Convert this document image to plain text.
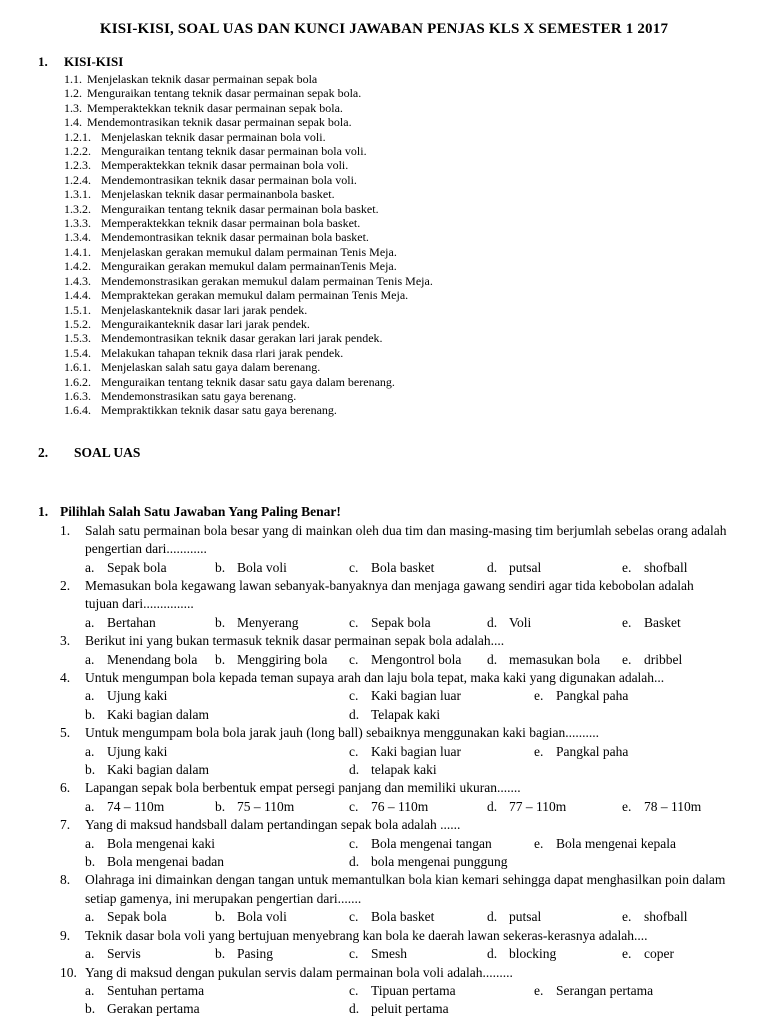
KISI-KISI, SOAL UAS DAN KUNCI JAWABAN PENJAS KLS X SEMESTER 1 2017
1.	KISI-KISI
1.1. Menjelaskan teknik dasar permainan sepak bola
1.2. Menguraikan tentang teknik dasar permainan sepak bola.
1.3. Memperaktekkan teknik dasar permainan sepak bola.
1.4. Mendemontrasikan teknik dasar permainan sepak bola.
1.2.1. Menjelaskan teknik dasar permainan bola voli.
1.2.2. Menguraikan tentang teknik dasar permainan bola voli.
1.2.3. Memperaktekkan teknik dasar permainan bola voli.
1.2.4. Mendemontrasikan teknik dasar permainan bola voli.
1.3.1. Menjelaskan teknik dasar permainanbola basket.
1.3.2. Menguraikan tentang teknik dasar permainan bola basket.
1.3.3. Memperaktekkan teknik dasar permainan bola basket.
1.3.4. Mendemontrasikan teknik dasar permainan bola basket.
1.4.1. Menjelaskan gerakan memukul dalam permainan Tenis Meja.
1.4.2. Menguraikan gerakan memukul dalam permainanTenis Meja.
1.4.3. Mendemonstrasikan gerakan memukul dalam permainan Tenis Meja.
1.4.4. Mempraktekan gerakan memukul dalam permainan Tenis Meja.
1.5.1. Menjelaskanteknik dasar lari jarak pendek.
1.5.2. Menguraikanteknik dasar lari jarak pendek.
1.5.3. Mendemontrasikan teknik dasar gerakan lari jarak pendek.
1.5.4. Melakukan tahapan teknik dasa rlari jarak pendek.
1.6.1. Menjelaskan salah satu gaya dalam berenang.
1.6.2. Menguraikan tentang teknik dasar satu gaya dalam berenang.
1.6.3. Mendemonstrasikan satu gaya berenang.
1.6.4. Mempraktikkan teknik dasar satu gaya berenang.
2.	SOAL UAS
1. Pilihlah Salah Satu Jawaban Yang Paling Benar!
1.	Salah satu permainan bola besar yang di mainkan oleh dua tim dan masing-masing tim berjumlah sebelas orang adalah pengertian dari............
a. Sepak bola	b. Bola voli	c. Bola basket	d. putsal	e. shofball
2.	Memasukan bola kegawang lawan sebanyak-banyaknya dan menjaga gawang sendiri agar tida kebobolan adalah tujuan dari...............
a. Bertahan	b. Menyerang	c. Sepak bola	d. Voli	e. Basket
3.	Berikut ini yang bukan termasuk teknik dasar permainan sepak bola adalah....
a. Menendang bola	b. Menggiring bola	c. Mengontrol bola	d. memasukan bola	e. dribbel
4.	Untuk mengumpan bola kepada teman supaya arah dan laju bola tepat, maka kaki yang digunakan adalah...
a. Ujung kaki
b. Kaki bagian dalam
c. Kaki bagian luar
d. Telapak kaki
e. Pangkal paha
5.	Untuk mengumpam bola bola jarak jauh (long ball) sebaiknya menggunakan kaki bagian..........
a. Ujung kaki
b. Kaki bagian dalam
c. Kaki bagian luar
d. telapak kaki
e. Pangkal paha
6.	Lapangan sepak bola berbentuk empat persegi panjang dan memiliki ukuran.......
a. 74 – 110m	b. 75 – 110m	c. 76 – 110m	d. 77 – 110m	e. 78 – 110m
7.	Yang di maksud handsball dalam pertandingan sepak bola adalah ......
a. Bola mengenai kaki
b. Bola mengenai badan
c. Bola mengenai tangan
d. bola mengenai punggung
e. Bola mengenai kepala
8.	Olahraga ini dimainkan dengan tangan untuk memantulkan bola kian kemari sehingga dapat menghasilkan poin dalam setiap gamenya, ini merupakan pengertian dari.......
a. Sepak bola	b. Bola voli	c. Bola basket	d. putsal	e. shofball
9.	Teknik dasar bola voli yang bertujuan menyebrang kan bola ke daerah lawan sekeras-kerasnya adalah....
a. Servis	b. Pasing	c. Smesh	d. blocking	e. coper
10. Yang di maksud dengan pukulan servis dalam permainan bola voli adalah.........
a. Sentuhan pertama
b. Gerakan pertama
c. Tipuan pertama
d. peluit pertama
e. Serangan pertama
